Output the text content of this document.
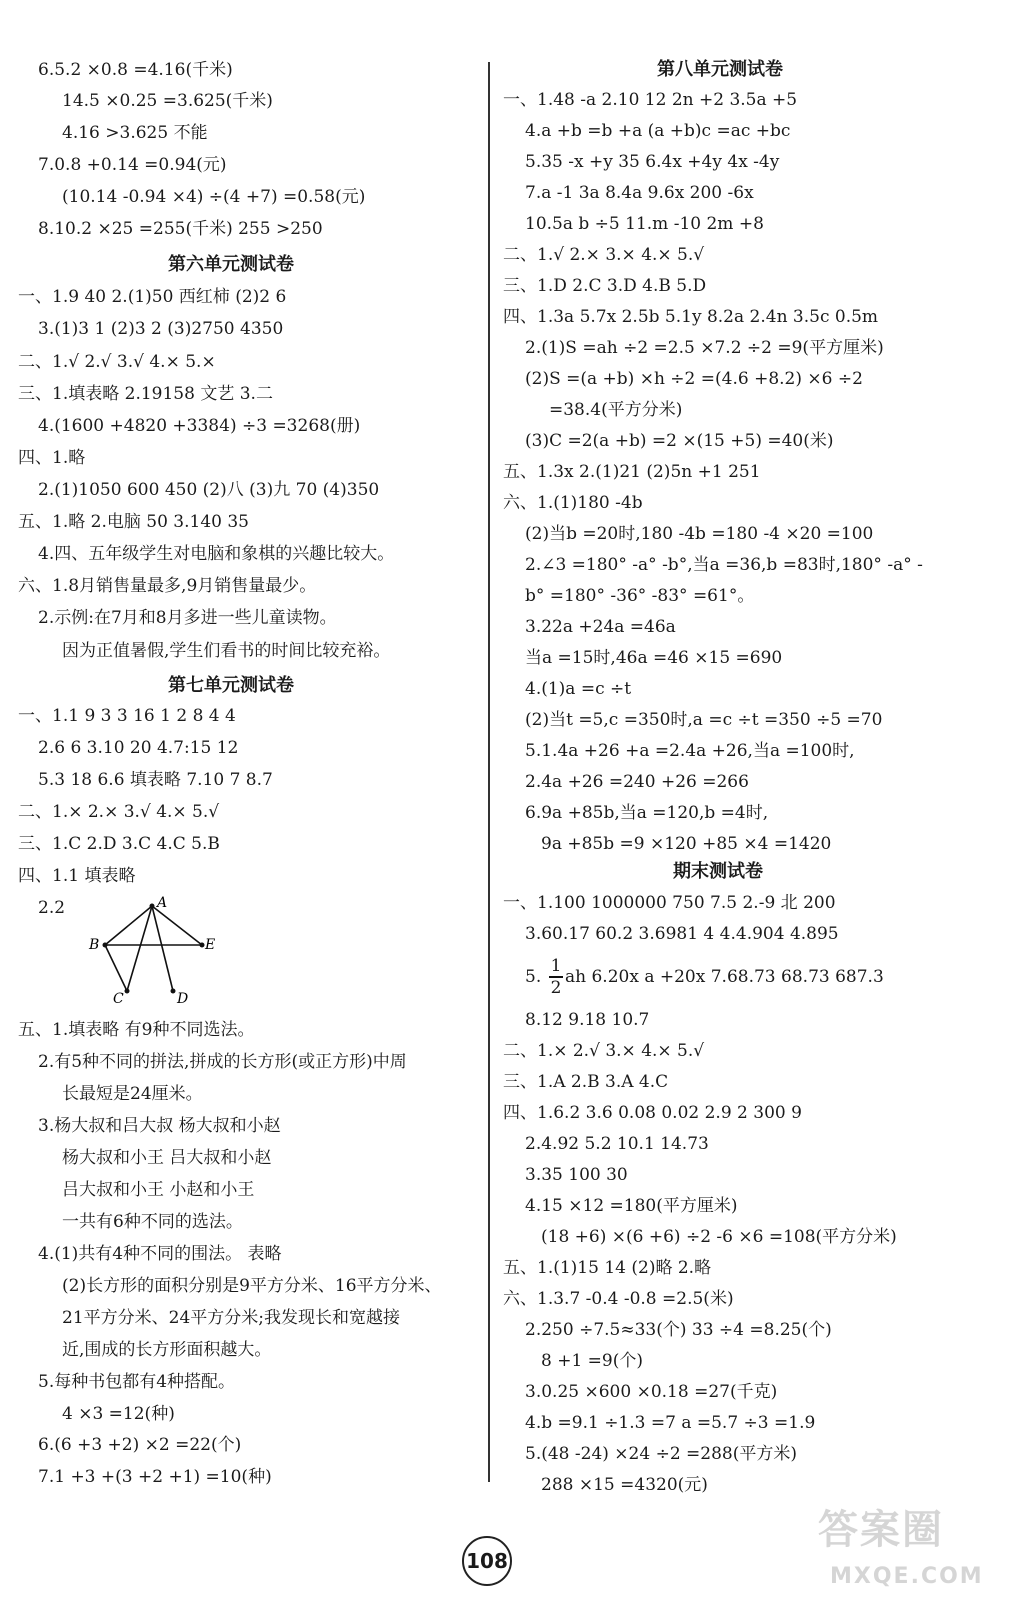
6.5.2 ×0.8 =4.16(千米)
14.5 ×0.25 =3.625(千米)
4.16 >3.625 不能
7.0.8 +0.14 =0.94(元)
(10.14 -0.94 ×4) ÷(4 +7) =0.58(元)
8.10.2 ×25 =255(千米) 255 >250
第六单元测试卷
一、1.9 40 2.(1)50 西红柿 (2)2 6
3.(1)3 1 (2)3 2 (3)2750 4350
二、1.√ 2.√ 3.√ 4.× 5.×
三、1.填表略 2.19158 文艺 3.二
4.(1600 +4820 +3384) ÷3 =3268(册)
四、1.略
2.(1)1050 600 450 (2)八 (3)九 70 (4)350
五、1.略 2.电脑 50 3.140 35
4.四、五年级学生对电脑和象棋的兴趣比较大。
六、1.8月销售量最多,9月销售量最少。
2.示例:在7月和8月多进一些儿童读物。
因为正值暑假,学生们看书的时间比较充裕。
第七单元测试卷
一、1.1 9 3 3 16 1 2 8 4 4
2.6 6 3.10 20 4.7:15 12
5.3 18 6.6 填表略 7.10 7 8.7
二、1.× 2.× 3.√ 4.× 5.√
三、1.C 2.D 3.C 4.C 5.B
四、1.1 填表略
2.2
五、1.填表略 有9种不同选法。
2.有5种不同的拼法,拼成的长方形(或正方形)中周
长最短是24厘米。
3.杨大叔和吕大叔 杨大叔和小赵
杨大叔和小王 吕大叔和小赵
吕大叔和小王 小赵和小王
一共有6种不同的选法。
4.(1)共有4种不同的围法。 表略
(2)长方形的面积分别是9平方分米、16平方分米、
21平方分米、24平方分米;我发现长和宽越接
近,围成的长方形面积越大。
5.每种书包都有4种搭配。
4 ×3 =12(种)
6.(6 +3 +2) ×2 =22(个)
7.1 +3 +(3 +2 +1) =10(种)
第八单元测试卷
一、1.48 -a 2.10 12 2n +2 3.5a +5
4.a +b =b +a (a +b)c =ac +bc
5.35 -x +y 35 6.4x +4y 4x -4y
7.a -1 3a 8.4a 9.6x 200 -6x
10.5a b ÷5 11.m -10 2m +8
二、1.√ 2.× 3.× 4.× 5.√
三、1.D 2.C 3.D 4.B 5.D
四、1.3a 5.7x 2.5b 5.1y 8.2a 2.4n 3.5c 0.5m
2.(1)S =ah ÷2 =2.5 ×7.2 ÷2 =9(平方厘米)
(2)S =(a +b) ×h ÷2 =(4.6 +8.2) ×6 ÷2
=38.4(平方分米)
(3)C =2(a +b) =2 ×(15 +5) =40(米)
五、1.3x 2.(1)21 (2)5n +1 251
六、1.(1)180 -4b
(2)当b =20时,180 -4b =180 -4 ×20 =100
2.∠3 =180° -a° -b°,当a =36,b =83时,180° -a° -
b° =180° -36° -83° =61°。
3.22a +24a =46a
当a =15时,46a =46 ×15 =690
4.(1)a =c ÷t
(2)当t =5,c =350时,a =c ÷t =350 ÷5 =70
5.1.4a +26 +a =2.4a +26,当a =100时,
2.4a +26 =240 +26 =266
6.9a +85b,当a =120,b =4时,
9a +85b =9 ×120 +85 ×4 =1420
期末测试卷
一、1.100 1000000 750 7.5 2.-9 北 200
3.60.17 60.2 3.6981 4 4.4.904 4.895
5. ah 6.20x a +20x 7.68.73 68.73 687.3
8.12 9.18 10.7
二、1.× 2.√ 3.× 4.× 5.√
三、1.A 2.B 3.A 4.C
四、1.6.2 3.6 0.08 0.02 2.9 2 300 9
2.4.92 5.2 10.1 14.73
3.35 100 30
4.15 ×12 =180(平方厘米)
(18 +6) ×(6 +6) ÷2 -6 ×6 =108(平方分米)
五、1.(1)15 14 (2)略 2.略
六、1.3.7 -0.4 -0.8 =2.5(米)
2.250 ÷7.5≈33(个) 33 ÷4 =8.25(个)
8 +1 =9(个)
3.0.25 ×600 ×0.18 =27(千克)
4.b =9.1 ÷1.3 =7 a =5.7 ÷3 =1.9
5.(48 -24) ×24 ÷2 =288(平方米)
288 ×15 =4320(元)
A
B	E
C	D
1
2
108
答案圈
MXQE.COM
